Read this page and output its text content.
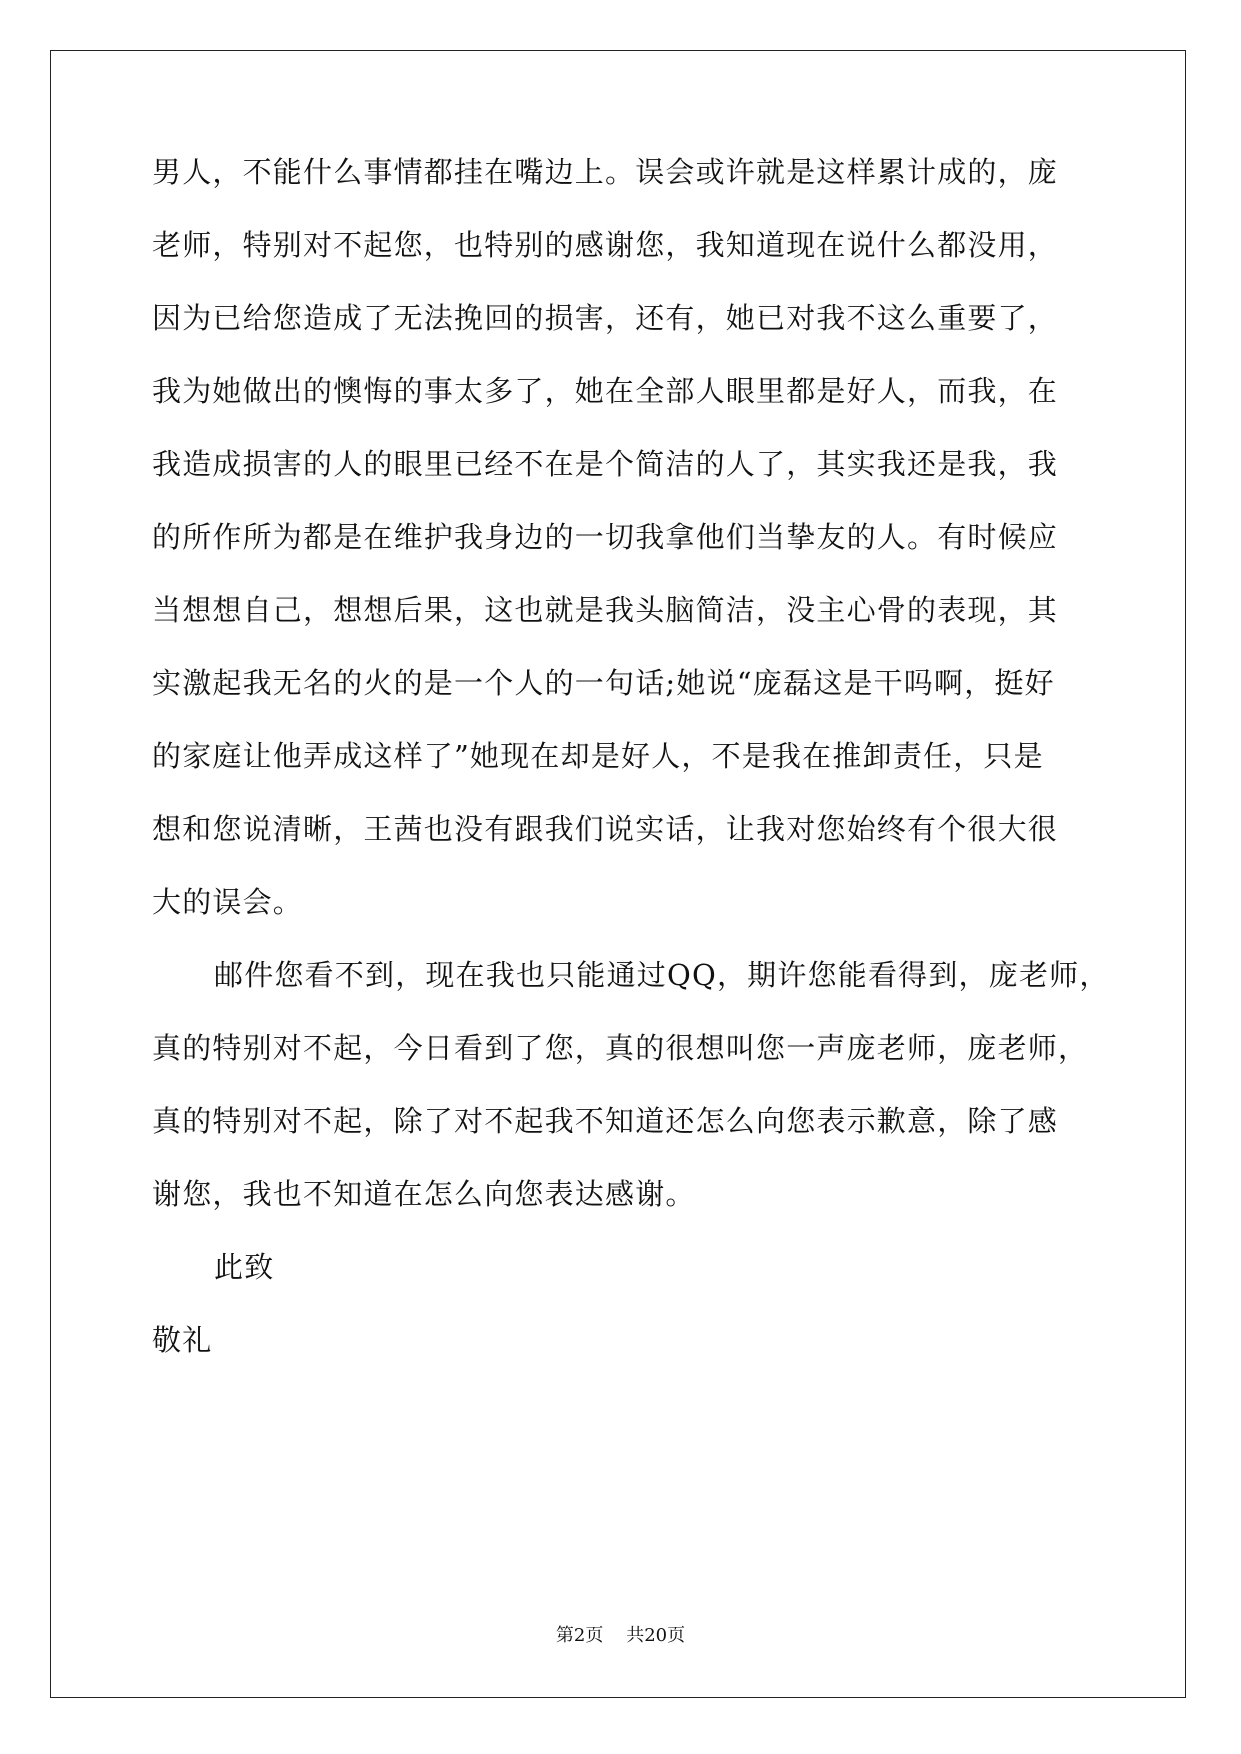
男人，不能什么事情都挂在嘴边上。误会或许就是这样累计成的，庞
老师，特别对不起您，也特别的感谢您，我知道现在说什么都没用，
因为已给您造成了无法挽回的损害，还有，她已对我不这么重要了，
我为她做出的懊悔的事太多了，她在全部人眼里都是好人，而我，在
我造成损害的人的眼里已经不在是个简洁的人了，其实我还是我，我
的所作所为都是在维护我身边的一切我拿他们当挚友的人。有时候应
当想想自己，想想后果，这也就是我头脑简洁，没主心骨的表现，其
实激起我无名的火的是一个人的一句话;她说“庞磊这是干吗啊，挺好
的家庭让他弄成这样了”她现在却是好人，不是我在推卸责任，只是
想和您说清晰，王茜也没有跟我们说实话，让我对您始终有个很大很
大的误会。
邮件您看不到，现在我也只能通过QQ，期许您能看得到，庞老师，
真的特别对不起，今日看到了您，真的很想叫您一声庞老师，庞老师，
真的特别对不起，除了对不起我不知道还怎么向您表示歉意，除了感
谢您，我也不知道在怎么向您表达感谢。
此致
敬礼
第2页 共20页
